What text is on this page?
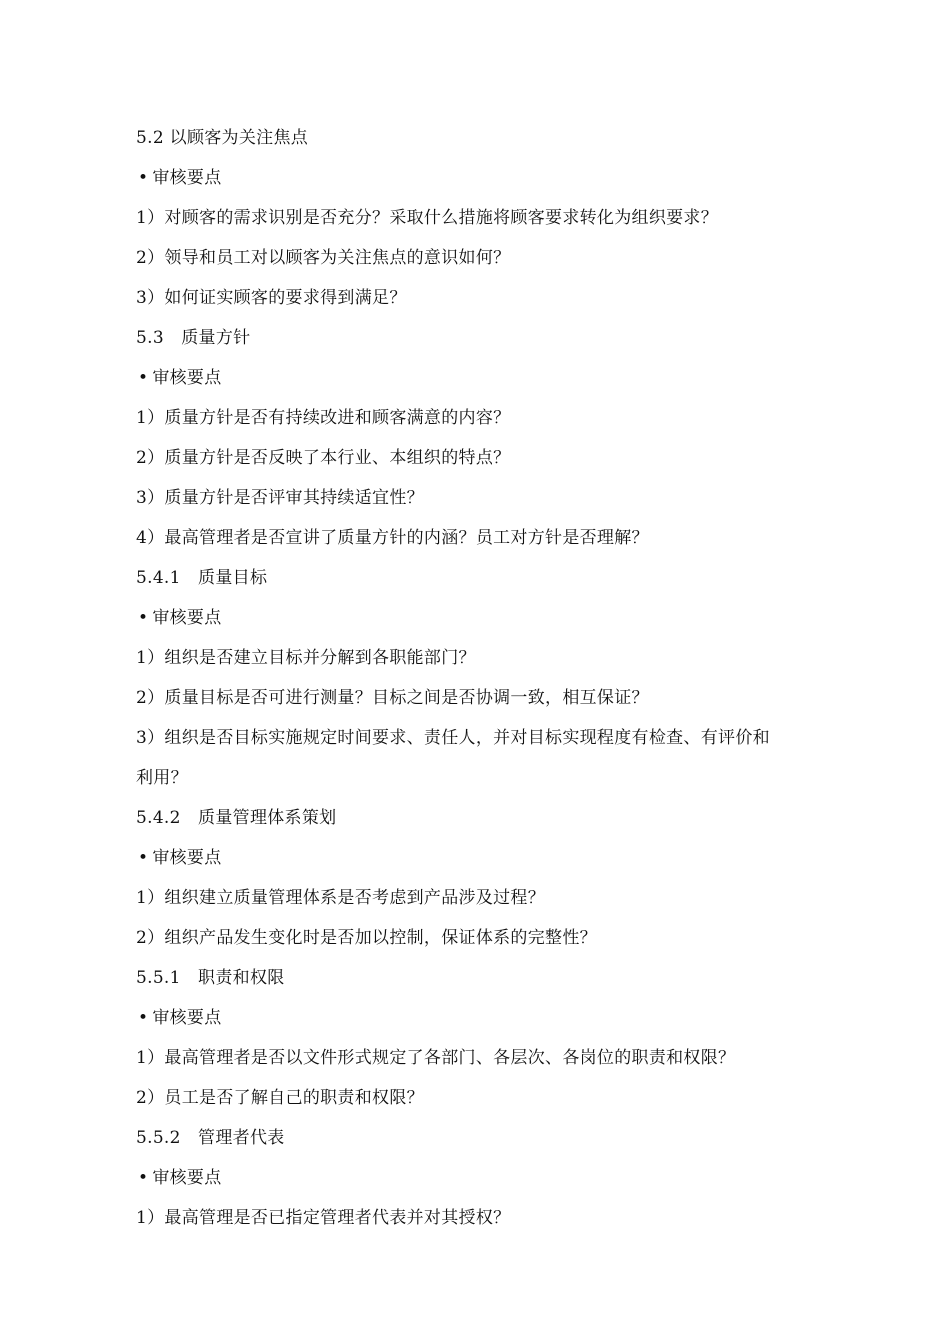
5.2 以顾客为关注焦点
• 审核要点
1）对顾客的需求识别是否充分？采取什么措施将顾客要求转化为组织要求？
2）领导和员工对以顾客为关注焦点的意识如何？
3）如何证实顾客的要求得到满足？
5.3　质量方针
• 审核要点
1）质量方针是否有持续改进和顾客满意的内容？
2）质量方针是否反映了本行业、本组织的特点？
3）质量方针是否评审其持续适宜性？
4）最高管理者是否宣讲了质量方针的内涵？员工对方针是否理解？
5.4.1　质量目标
• 审核要点
1）组织是否建立目标并分解到各职能部门？
2）质量目标是否可进行测量？目标之间是否协调一致，相互保证？
3）组织是否目标实施规定时间要求、责任人，并对目标实现程度有检查、有评价和
利用？
5.4.2　质量管理体系策划
• 审核要点
1）组织建立质量管理体系是否考虑到产品涉及过程？
2）组织产品发生变化时是否加以控制，保证体系的完整性？
5.5.1　职责和权限
• 审核要点
1）最高管理者是否以文件形式规定了各部门、各层次、各岗位的职责和权限？
2）员工是否了解自己的职责和权限？
5.5.2　管理者代表
• 审核要点
1）最高管理是否已指定管理者代表并对其授权？
